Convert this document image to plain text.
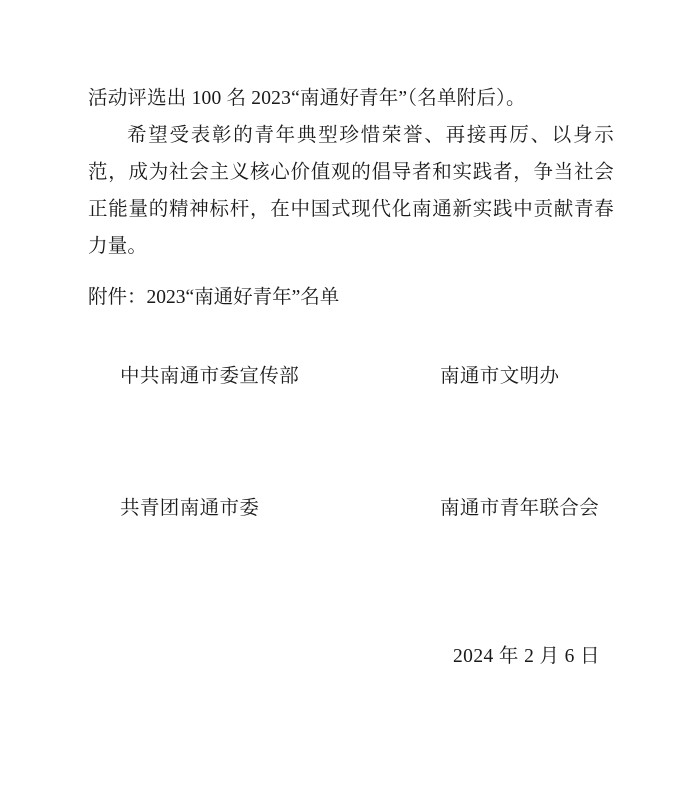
活动评选出 100 名 2023“南通好青年”（名单附后）。

希望受表彰的青年典型珍惜荣誉、再接再厉、以身示范，成为社会主义核心价值观的倡导者和实践者，争当社会正能量的精神标杆，在中国式现代化南通新实践中贡献青春力量。

附件：2023“南通好青年”名单

中共南通市委宣传部	南通市文明办
共青团南通市委	南通市青年联合会
2024 年 2 月 6 日
